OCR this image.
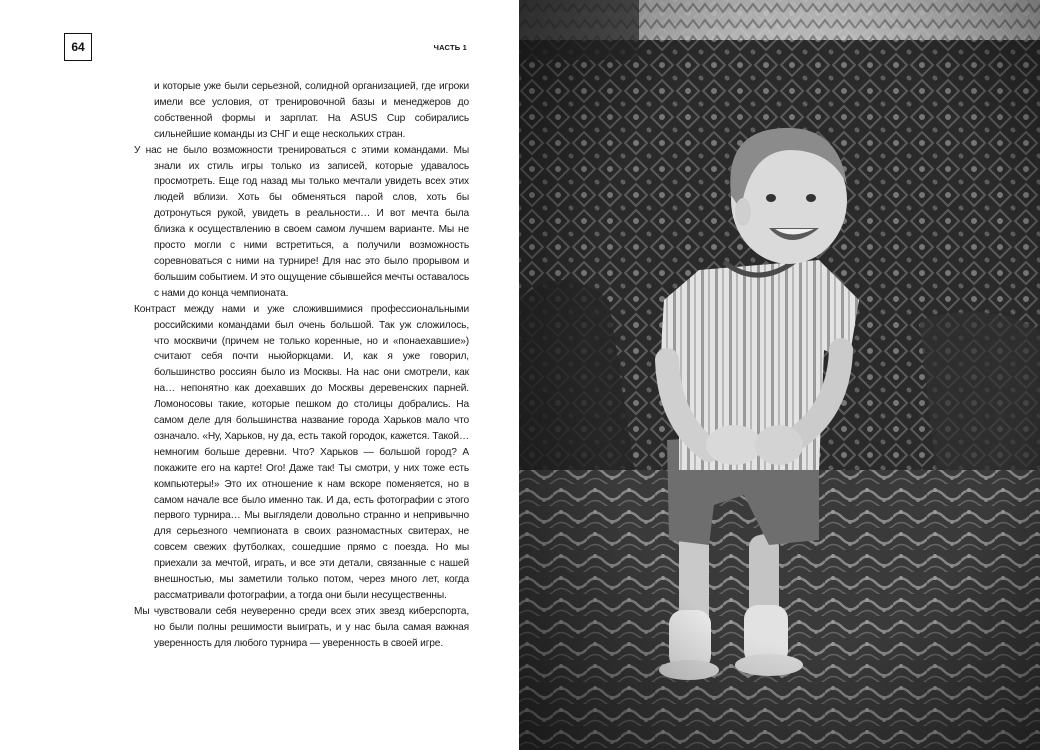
64	ЧАСТЬ 1

и которые уже были серьезной, солидной организацией, где игроки имели все условия, от тренировочной базы и менеджеров до собственной формы и зарплат. На ASUS Cup собирались сильнейшие команды из СНГ и еще нескольких стран.

У нас не было возможности тренироваться с этими командами. Мы знали их стиль игры только из записей, которые удавалось просмотреть. Еще год назад мы только мечтали увидеть всех этих людей вблизи. Хоть бы обменяться парой слов, хоть бы дотронуться рукой, увидеть в реальности… И вот мечта была близка к осуществлению в своем самом лучшем варианте. Мы не просто могли с ними встретиться, а получили возможность соревноваться с ними на турнире! Для нас это было прорывом и большим событием. И это ощущение сбывшейся мечты оставалось с нами до конца чемпионата.

Контраст между нами и уже сложившимися профессиональными российскими командами был очень большой. Так уж сложилось, что москвичи (причем не только коренные, но и «понаехавшие») считают себя почти ньюйоркцами. И, как я уже говорил, большинство россиян было из Москвы. На нас они смотрели, как на… непонятно как доехавших до Москвы деревенских парней. Ломоносовы такие, которые пешком до столицы добрались. На самом деле для большинства название города Харьков мало что означало. «Ну, Харьков, ну да, есть такой городок, кажется. Такой… немногим больше деревни. Что? Харьков — большой город? А покажите его на карте! Ого! Даже так! Ты смотри, у них тоже есть компьютеры!» Это их отношение к нам вскоре поменяется, но в самом начале все было именно так. И да, есть фотографии с этого первого турнира… Мы выглядели довольно странно и непривычно для серьезного чемпионата в своих разномастных свитерах, не совсем свежих футболках, сошедшие прямо с поезда. Но мы приехали за мечтой, играть, и все эти детали, связанные с нашей внешностью, мы заметили только потом, через много лет, когда рассматривали фотографии, а тогда они были несущественны.

Мы чувствовали себя неуверенно среди всех этих звезд киберспорта, но были полны решимости выиграть, и у нас была самая важная уверенность для любого турнира — уверенность в своей игре.
